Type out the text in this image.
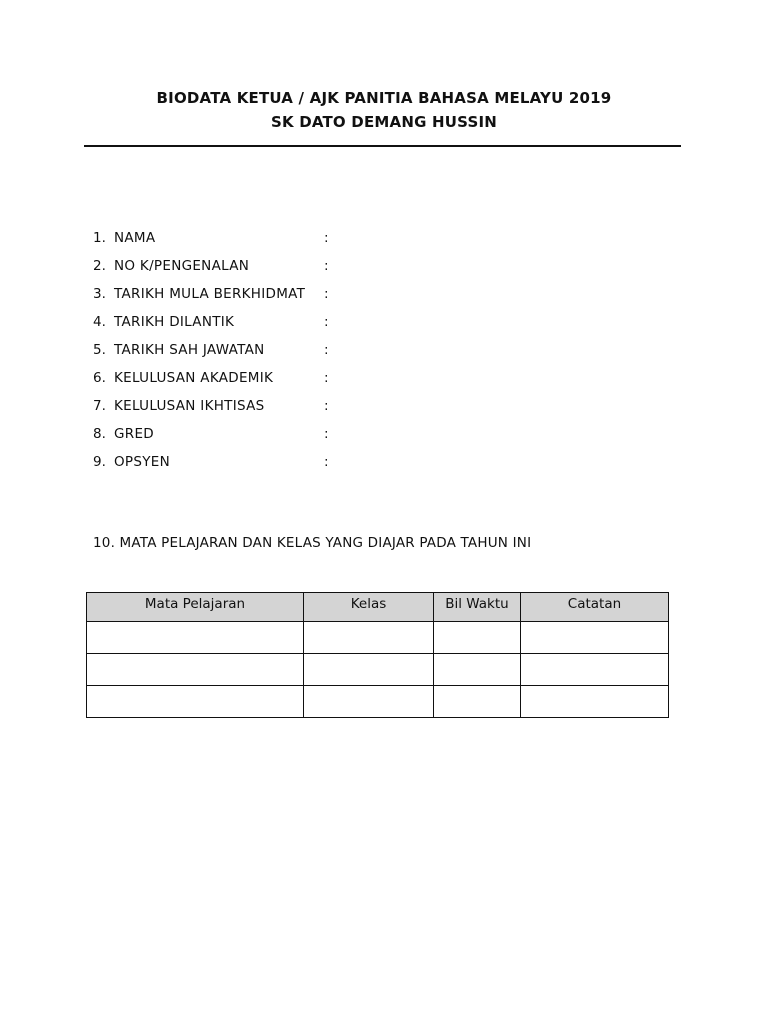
BIODATA KETUA / AJK PANITIA BAHASA MELAYU 2019
SK DATO DEMANG HUSSIN
1. NAMA	:
2. NO K/PENGENALAN	:
3. TARIKH MULA BERKHIDMAT :
4. TARIKH DILANTIK	:
5. TARIKH SAH JAWATAN	:
6. KELULUSAN AKADEMIK	:
7. KELULUSAN IKHTISAS	:
8. GRED	:
9. OPSYEN	:
10. MATA PELAJARAN DAN KELAS YANG DIAJAR PADA TAHUN INI
Mata Pelajaran	Kelas	Bil Waktu	Catatan
